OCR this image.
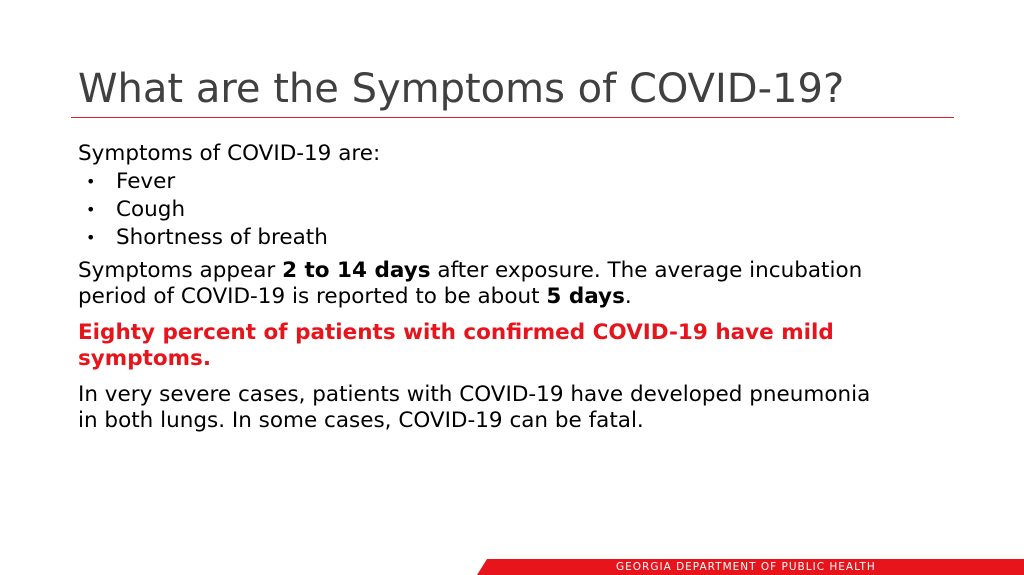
What are the Symptoms of COVID-19?

Symptoms of COVID-19 are:

• Fever
• Cough
• Shortness of breath

Symptoms appear 2 to 14 days after exposure. The average incubation period of COVID-19 is reported to be about 5 days.

Eighty percent of patients with confirmed COVID-19 have mild symptoms.

In very severe cases, patients with COVID-19 have developed pneumonia in both lungs. In some cases, COVID-19 can be fatal.

GEORGIA DEPARTMENT OF PUBLIC HEALTH
